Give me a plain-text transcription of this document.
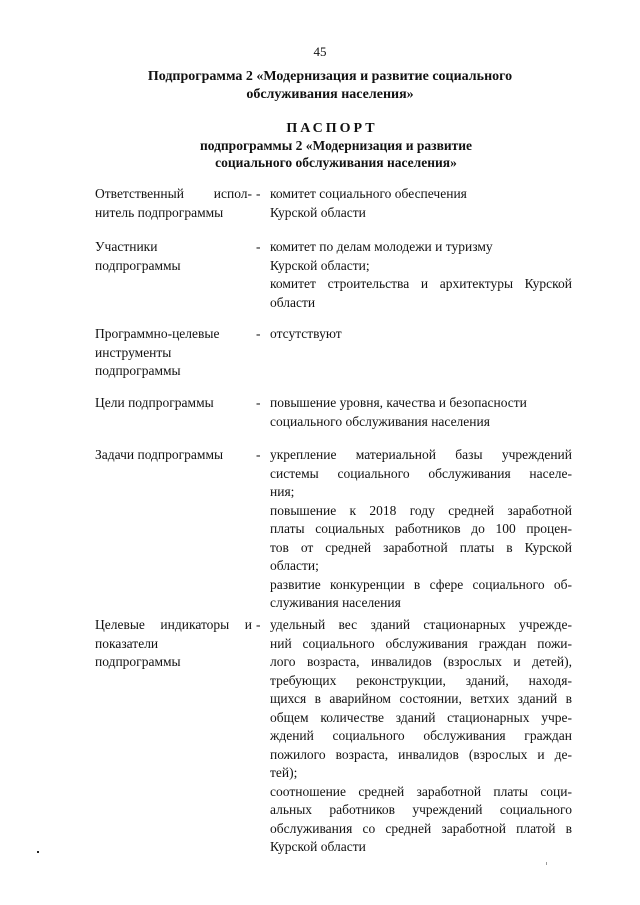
45
Подпрограмма 2 «Модернизация и развитие социального
обслуживания населения»
ПАСПОРТ
подпрограммы 2 «Модернизация и развитие
социального обслуживания населения»
Ответственный испол-
нитель подпрограммы
- комитет социального обеспечения
Курской области
Участники
подпрограммы
- комитет по делам молодежи и туризму
Курской области;
комитет строительства и архитектуры Курской
области
Программно-целевые
инструменты
подпрограммы
- отсутствуют
Цели подпрограммы	- повышение уровня, качества и безопасности
социального обслуживания населения
Задачи подпрограммы	- укрепление материальной базы учреждений
системы социального обслуживания населе-
ния;
повышение к 2018 году средней заработной
платы социальных работников до 100 процен-
тов от средней заработной платы в Курской
области;
развитие конкуренции в сфере социального об-
служивания населения
Целевые индикаторы и
показатели
подпрограммы
- удельный вес зданий стационарных учрежде-
ний социального обслуживания граждан пожи-
лого возраста, инвалидов (взрослых и детей),
требующих реконструкции, зданий, находя-
щихся в аварийном состоянии, ветхих зданий в
общем количестве зданий стационарных учре-
ждений социального обслуживания граждан
пожилого возраста, инвалидов (взрослых и де-
тей);
соотношение средней заработной платы соци-
альных работников учреждений социального
обслуживания со средней заработной платой в
Курской области
